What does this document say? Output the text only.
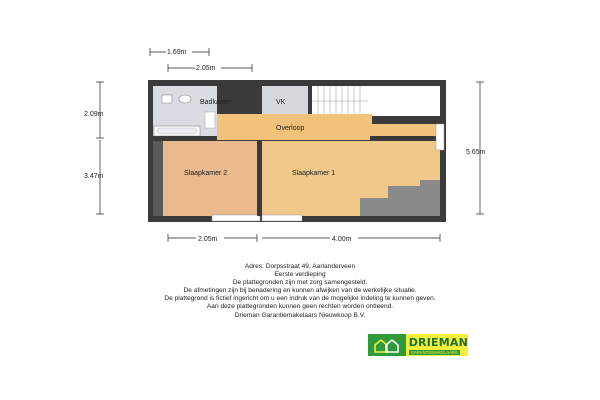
Badkamer	VK
Overloop
Slaapkamer 2	Slaapkamer 1
1.69m
2.05m
2.09m
3.47m
5.65m
2.05m	4.00m
Adres: Dorpsstraat 49, Aarlanderveen
Eerste verdieping
De plattegronden zijn met zorg samengesteld.
De afmetingen zijn bij benadering en kunnen afwijken van de werkelijke situatie.
De plattegrond is fictief ingericht om u een indruk van de mogelijke indeling te kunnen geven.
Aan deze plattegronden kunnen geen rechten worden ontleend.
Drieman Garantiemakelaars Nieuwkoop B.V.
DRIEMAN
GARANTIEMAKELAARS
